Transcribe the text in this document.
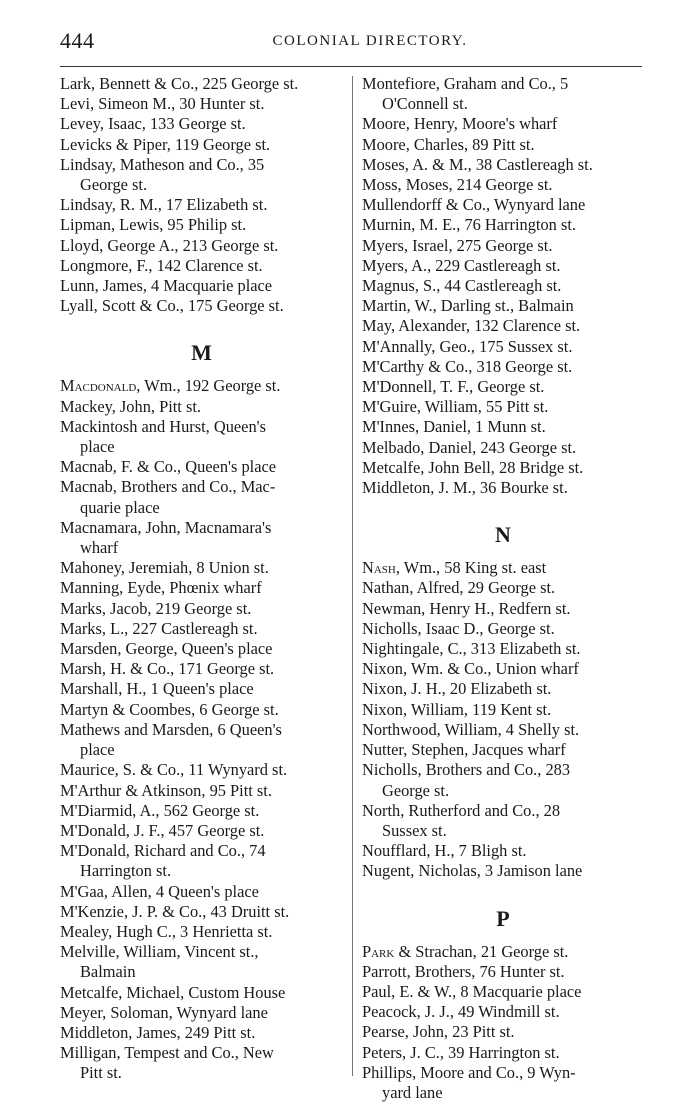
444	COLONIAL DIRECTORY.
Lark, Bennett & Co., 225 George st.
Levi, Simeon M., 30 Hunter st.
Levey, Isaac, 133 George st.
Levicks & Piper, 119 George st.
Lindsay, Matheson and Co., 35
George st.
Lindsay, R. M., 17 Elizabeth st.
Lipman, Lewis, 95 Philip st.
Lloyd, George A., 213 George st.
Longmore, F., 142 Clarence st.
Lunn, James, 4 Macquarie place
Lyall, Scott & Co., 175 George st.
M
Macdonald, Wm., 192 George st.
Mackey, John, Pitt st.
Mackintosh and Hurst, Queen's
place
Macnab, F. & Co., Queen's place
Macnab, Brothers and Co., Mac-
quarie place
Macnamara, John, Macnamara's
wharf
Mahoney, Jeremiah, 8 Union st.
Manning, Eyde, Phœnix wharf
Marks, Jacob, 219 George st.
Marks, L., 227 Castlereagh st.
Marsden, George, Queen's place
Marsh, H. & Co., 171 George st.
Marshall, H., 1 Queen's place
Martyn & Coombes, 6 George st.
Mathews and Marsden, 6 Queen's
place
Maurice, S. & Co., 11 Wynyard st.
M'Arthur & Atkinson, 95 Pitt st.
M'Diarmid, A., 562 George st.
M'Donald, J. F., 457 George st.
M'Donald, Richard and Co., 74
Harrington st.
M'Gaa, Allen, 4 Queen's place
M'Kenzie, J. P. & Co., 43 Druitt st.
Mealey, Hugh C., 3 Henrietta st.
Melville, William, Vincent st.,
Balmain
Metcalfe, Michael, Custom House
Meyer, Soloman, Wynyard lane
Middleton, James, 249 Pitt st.
Milligan, Tempest and Co., New
Pitt st.
Montefiore, Graham and Co., 5
O'Connell st.
Moore, Henry, Moore's wharf
Moore, Charles, 89 Pitt st.
Moses, A. & M., 38 Castlereagh st.
Moss, Moses, 214 George st.
Mullendorff & Co., Wynyard lane
Murnin, M. E., 76 Harrington st.
Myers, Israel, 275 George st.
Myers, A., 229 Castlereagh st.
Magnus, S., 44 Castlereagh st.
Martin, W., Darling st., Balmain
May, Alexander, 132 Clarence st.
M'Annally, Geo., 175 Sussex st.
M'Carthy & Co., 318 George st.
M'Donnell, T. F., George st.
M'Guire, William, 55 Pitt st.
M'Innes, Daniel, 1 Munn st.
Melbado, Daniel, 243 George st.
Metcalfe, John Bell, 28 Bridge st.
Middleton, J. M., 36 Bourke st.
N
Nash, Wm., 58 King st. east
Nathan, Alfred, 29 George st.
Newman, Henry H., Redfern st.
Nicholls, Isaac D., George st.
Nightingale, C., 313 Elizabeth st.
Nixon, Wm. & Co., Union wharf
Nixon, J. H., 20 Elizabeth st.
Nixon, William, 119 Kent st.
Northwood, William, 4 Shelly st.
Nutter, Stephen, Jacques wharf
Nicholls, Brothers and Co., 283
George st.
North, Rutherford and Co., 28
Sussex st.
Noufflard, H., 7 Bligh st.
Nugent, Nicholas, 3 Jamison lane
P
Park & Strachan, 21 George st.
Parrott, Brothers, 76 Hunter st.
Paul, E. & W., 8 Macquarie place
Peacock, J. J., 49 Windmill st.
Pearse, John, 23 Pitt st.
Peters, J. C., 39 Harrington st.
Phillips, Moore and Co., 9 Wyn-
yard lane
